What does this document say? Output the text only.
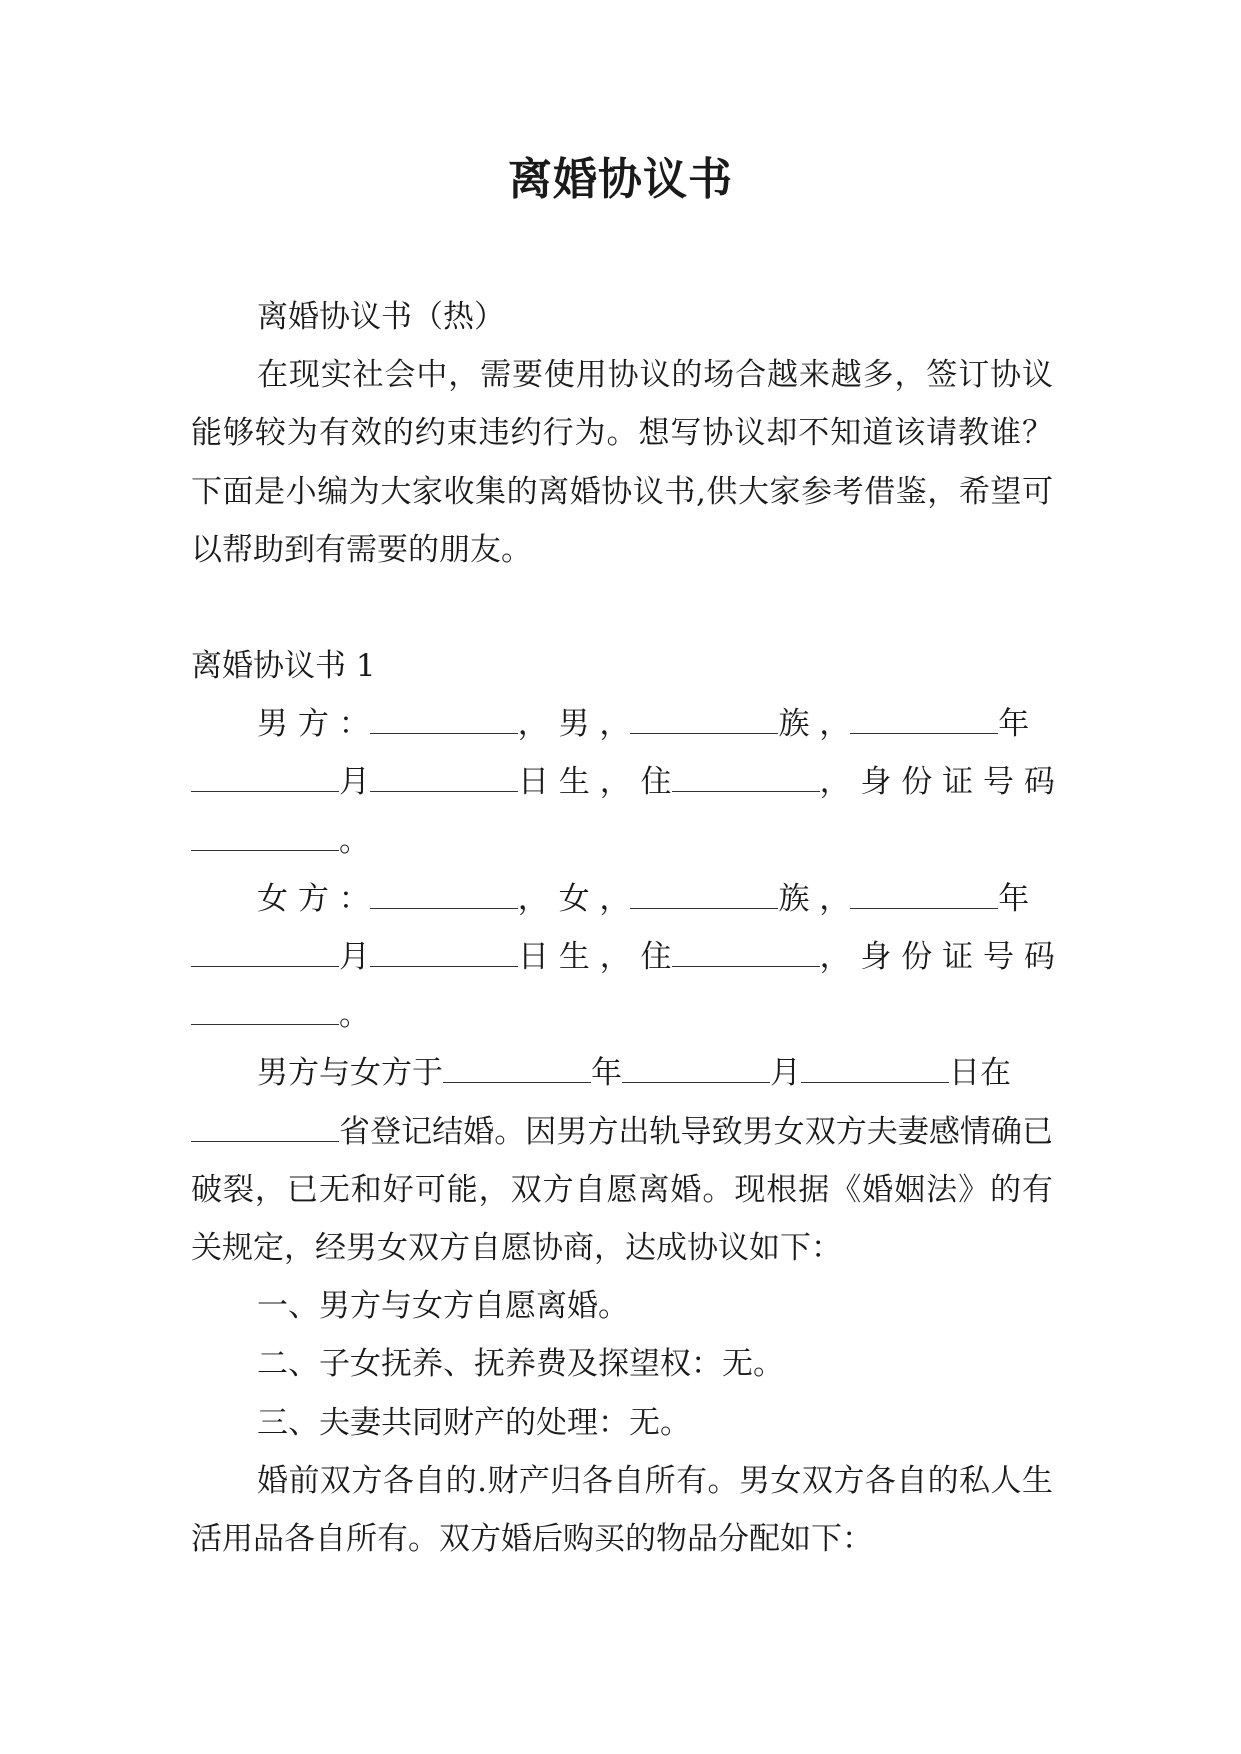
离婚协议书

离婚协议书（热）

在现实社会中，需要使用协议的场合越来越多，签订协议能够较为有效的约束违约行为。想写协议却不知道该请教谁？下面是小编为大家收集的离婚协议书,供大家参考借鉴，希望可以帮助到有需要的朋友。

离婚协议书 1

男 方 ：	， 男 ，	族 ，	年

月	日 生 ， 住	， 身 份 证 号 码

。

女 方 ：	， 女 ，	族 ，	年

月	日 生 ， 住	， 身 份 证 号 码

。

男方与女方于	年	月	日在

省登记结婚。因男方出轨导致男女双方夫妻感情确已破裂，已无和好可能，双方自愿离婚。现根据《婚姻法》的有关规定，经男女双方自愿协商，达成协议如下：

一、男方与女方自愿离婚。

二、子女抚养、抚养费及探望权：无。

三、夫妻共同财产的处理：无。

婚前双方各自的.财产归各自所有。男女双方各自的私人生活用品各自所有。双方婚后购买的物品分配如下：
